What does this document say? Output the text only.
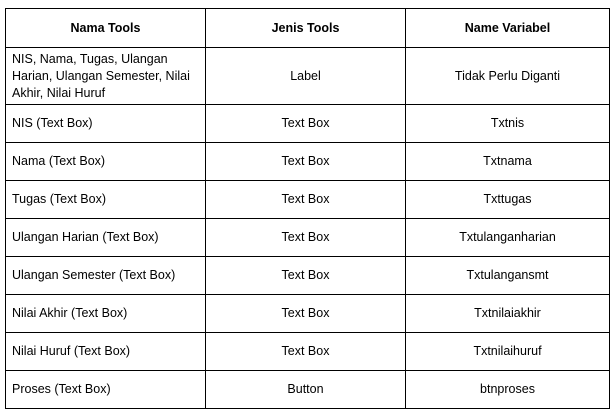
Nama Tools	Jenis Tools	Name Variabel
NIS, Nama, Tugas, Ulangan Harian, Ulangan Semester, Nilai Akhir, Nilai Huruf	Label	Tidak Perlu Diganti
NIS (Text Box)	Text Box	Txtnis
Nama (Text Box)	Text Box	Txtnama
Tugas (Text Box)	Text Box	Txttugas
Ulangan Harian (Text Box)	Text Box	Txtulanganharian
Ulangan Semester (Text Box)	Text Box	Txtulangansmt
Nilai Akhir (Text Box)	Text Box	Txtnilaiakhir
Nilai Huruf (Text Box)	Text Box	Txtnilaihuruf
Proses (Text Box)	Button	btnproses
